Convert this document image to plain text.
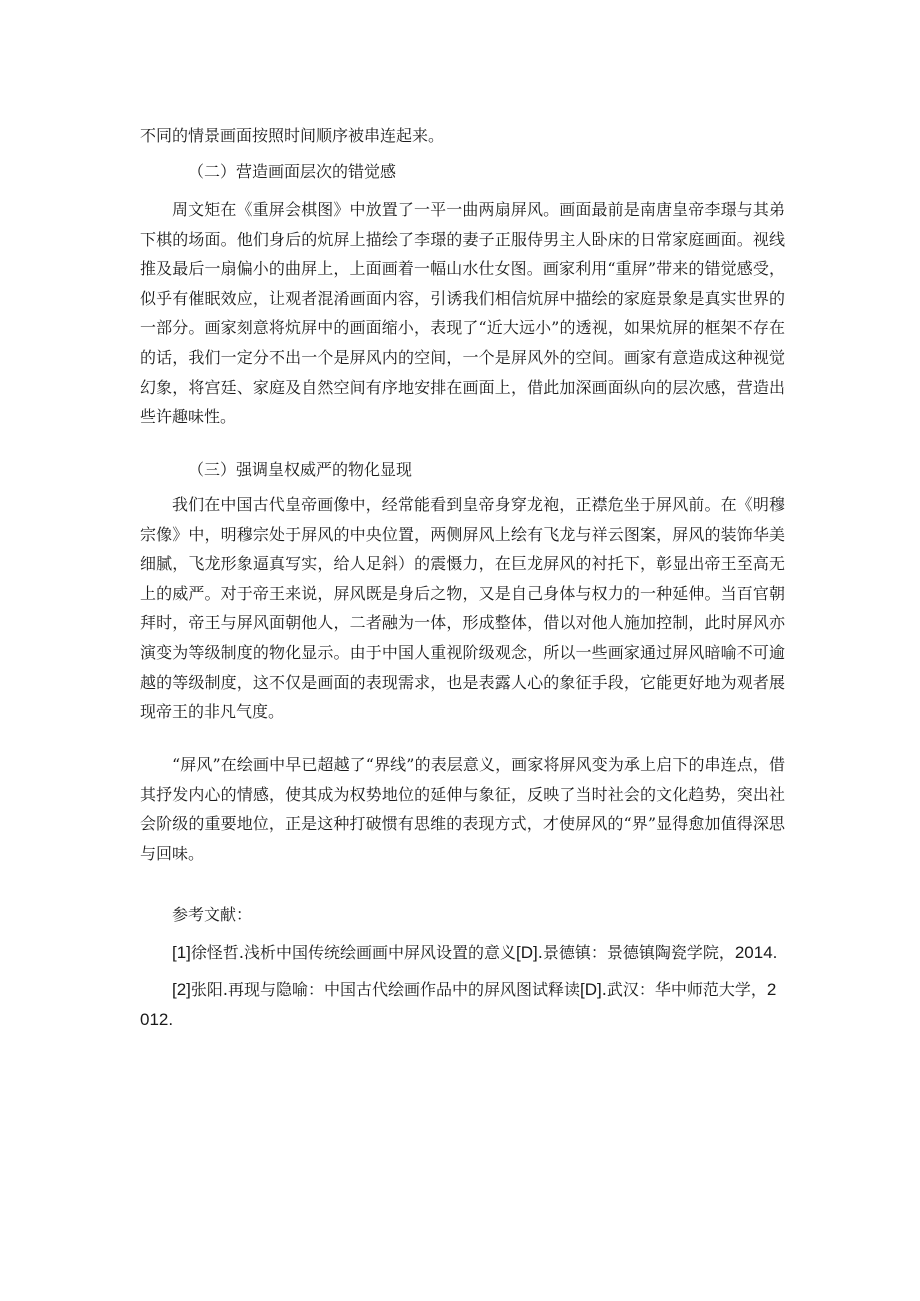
不同的情景画面按照时间顺序被串连起来。

（二）营造画面层次的错觉感

周文矩在《重屏会棋图》中放置了一平一曲两扇屏风。画面最前是南唐皇帝李璟与其弟下棋的场面。他们身后的炕屏上描绘了李璟的妻子正服侍男主人卧床的日常家庭画面。视线推及最后一扇偏小的曲屏上，上面画着一幅山水仕女图。画家利用“重屏”带来的错觉感受，似乎有催眠效应，让观者混淆画面内容，引诱我们相信炕屏中描绘的家庭景象是真实世界的一部分。画家刻意将炕屏中的画面缩小，表现了“近大远小”的透视，如果炕屏的框架不存在的话，我们一定分不出一个是屏风内的空间，一个是屏风外的空间。画家有意造成这种视觉幻象，将宫廷、家庭及自然空间有序地安排在画面上，借此加深画面纵向的层次感，营造出些许趣味性。

（三）强调皇权威严的物化显现

我们在中国古代皇帝画像中，经常能看到皇帝身穿龙袍，正襟危坐于屏风前。在《明穆宗像》中，明穆宗处于屏风的中央位置，两侧屏风上绘有飞龙与祥云图案，屏风的装饰华美细腻，飞龙形象逼真写实，给人足斜）的震慑力，在巨龙屏风的衬托下，彰显出帝王至高无上的威严。对于帝王来说，屏风既是身后之物，又是自己身体与权力的一种延伸。当百官朝拜时，帝王与屏风面朝他人，二者融为一体，形成整体，借以对他人施加控制，此时屏风亦演变为等级制度的物化显示。由于中国人重视阶级观念，所以一些画家通过屏风暗喻不可逾越的等级制度，这不仅是画面的表现需求，也是表露人心的象征手段，它能更好地为观者展现帝王的非凡气度。

“屏风”在绘画中早已超越了“界线”的表层意义，画家将屏风变为承上启下的串连点，借其抒发内心的情感，使其成为权势地位的延伸与象征，反映了当时社会的文化趋势，突出社会阶级的重要地位，正是这种打破惯有思维的表现方式，才使屏风的“界”显得愈加值得深思与回味。

参考文献：

[1]徐怪哲.浅析中国传统绘画画中屏风设置的意义[D].景德镇：景德镇陶瓷学院，2014.

[2]张阳.再现与隐喻：中国古代绘画作品中的屏风图试释读[D].武汉：华中师范大学，2012.
